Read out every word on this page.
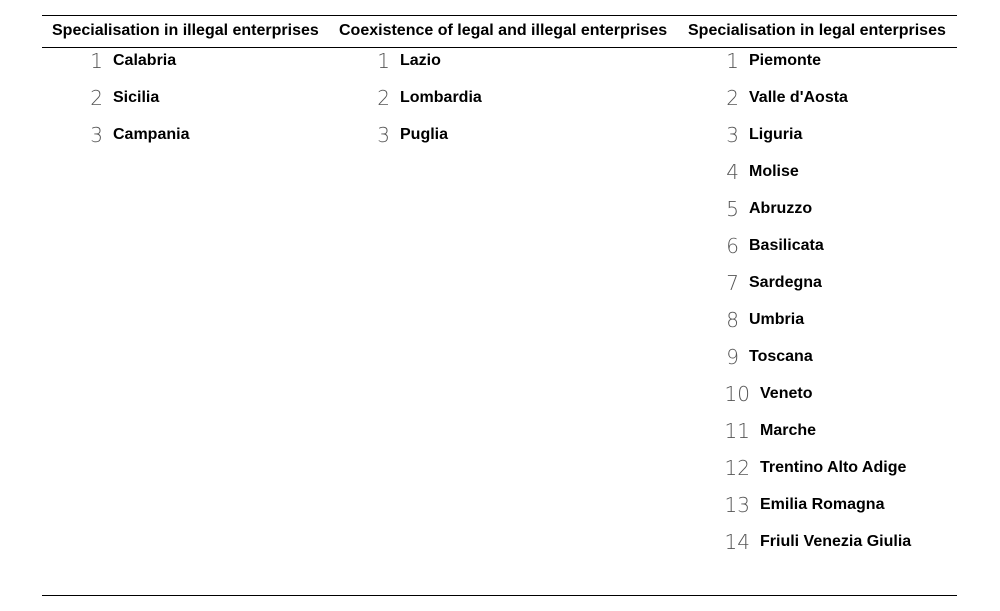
Specialisation in illegal enterprises Coexistence of legal and illegal enterprises Specialisation in legal enterprises
1 Calabria
2 Sicilia
3 Campania
1 Lazio
2 Lombardia
3 Puglia
1 Piemonte
2 Valle d'Aosta
3 Liguria
4 Molise
5 Abruzzo
6 Basilicata
7 Sardegna
8 Umbria
9 Toscana
10 Veneto
11 Marche
12 Trentino Alto Adige
13 Emilia Romagna
14 Friuli Venezia Giulia
